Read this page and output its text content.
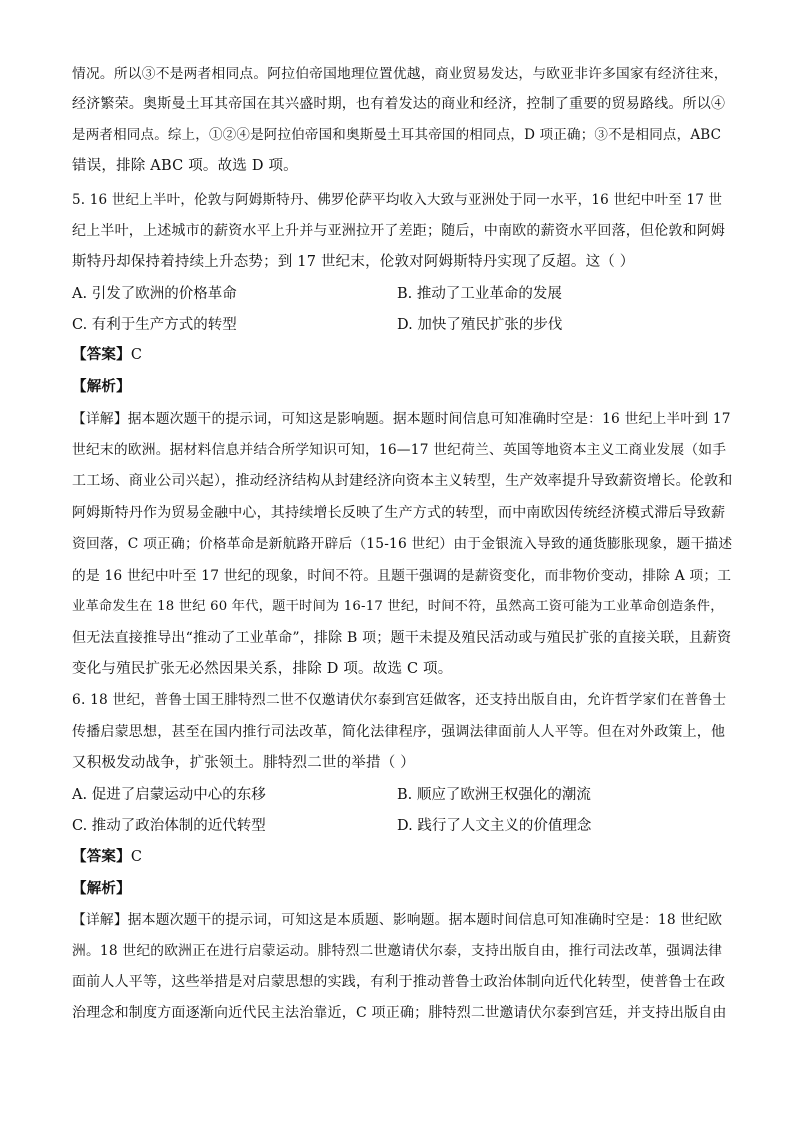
情况。所以③不是两者相同点。阿拉伯帝国地理位置优越，商业贸易发达，与欧亚非许多国家有经济往来，
经济繁荣。奥斯曼土耳其帝国在其兴盛时期，也有着发达的商业和经济，控制了重要的贸易路线。所以④
是两者相同点。综上，①②④是阿拉伯帝国和奥斯曼土耳其帝国的相同点，D 项正确；③不是相同点，ABC
错误，排除 ABC 项。故选 D 项。
5. 16 世纪上半叶，伦敦与阿姆斯特丹、佛罗伦萨平均收入大致与亚洲处于同一水平，16 世纪中叶至 17 世
纪上半叶，上述城市的薪资水平上升并与亚洲拉开了差距；随后，中南欧的薪资水平回落，但伦敦和阿姆
斯特丹却保持着持续上升态势；到 17 世纪末，伦敦对阿姆斯特丹实现了反超。这（ ）
A. 引发了欧洲的价格革命	B. 推动了工业革命的发展
C. 有利于生产方式的转型	D. 加快了殖民扩张的步伐
【答案】C
【解析】
【详解】据本题次题干的提示词，可知这是影响题。据本题时间信息可知准确时空是：16 世纪上半叶到 17
世纪末的欧洲。据材料信息并结合所学知识可知，16—17 世纪荷兰、英国等地资本主义工商业发展（如手
工工场、商业公司兴起），推动经济结构从封建经济向资本主义转型，生产效率提升导致薪资增长。伦敦和
阿姆斯特丹作为贸易金融中心，其持续增长反映了生产方式的转型，而中南欧因传统经济模式滞后导致薪
资回落，C 项正确；价格革命是新航路开辟后（15-16 世纪）由于金银流入导致的通货膨胀现象，题干描述
的是 16 世纪中叶至 17 世纪的现象，时间不符。且题干强调的是薪资变化，而非物价变动，排除 A 项；工
业革命发生在 18 世纪 60 年代，题干时间为 16-17 世纪，时间不符，虽然高工资可能为工业革命创造条件，
但无法直接推导出“推动了工业革命”，排除 B 项；题干未提及殖民活动或与殖民扩张的直接关联，且薪资
变化与殖民扩张无必然因果关系，排除 D 项。故选 C 项。
6. 18 世纪，普鲁士国王腓特烈二世不仅邀请伏尔泰到宫廷做客，还支持出版自由，允许哲学家们在普鲁士
传播启蒙思想，甚至在国内推行司法改革，简化法律程序，强调法律面前人人平等。但在对外政策上，他
又积极发动战争，扩张领土。腓特烈二世的举措（ ）
A. 促进了启蒙运动中心的东移	B. 顺应了欧洲王权强化的潮流
C. 推动了政治体制的近代转型	D. 践行了人文主义的价值理念
【答案】C
【解析】
【详解】据本题次题干的提示词，可知这是本质题、影响题。据本题时间信息可知准确时空是：18 世纪欧
洲。18 世纪的欧洲正在进行启蒙运动。腓特烈二世邀请伏尔泰，支持出版自由，推行司法改革，强调法律
面前人人平等，这些举措是对启蒙思想的实践，有利于推动普鲁士政治体制向近代化转型，使普鲁士在政
治理念和制度方面逐渐向近代民主法治靠近，C 项正确；腓特烈二世邀请伏尔泰到宫廷，并支持出版自由
